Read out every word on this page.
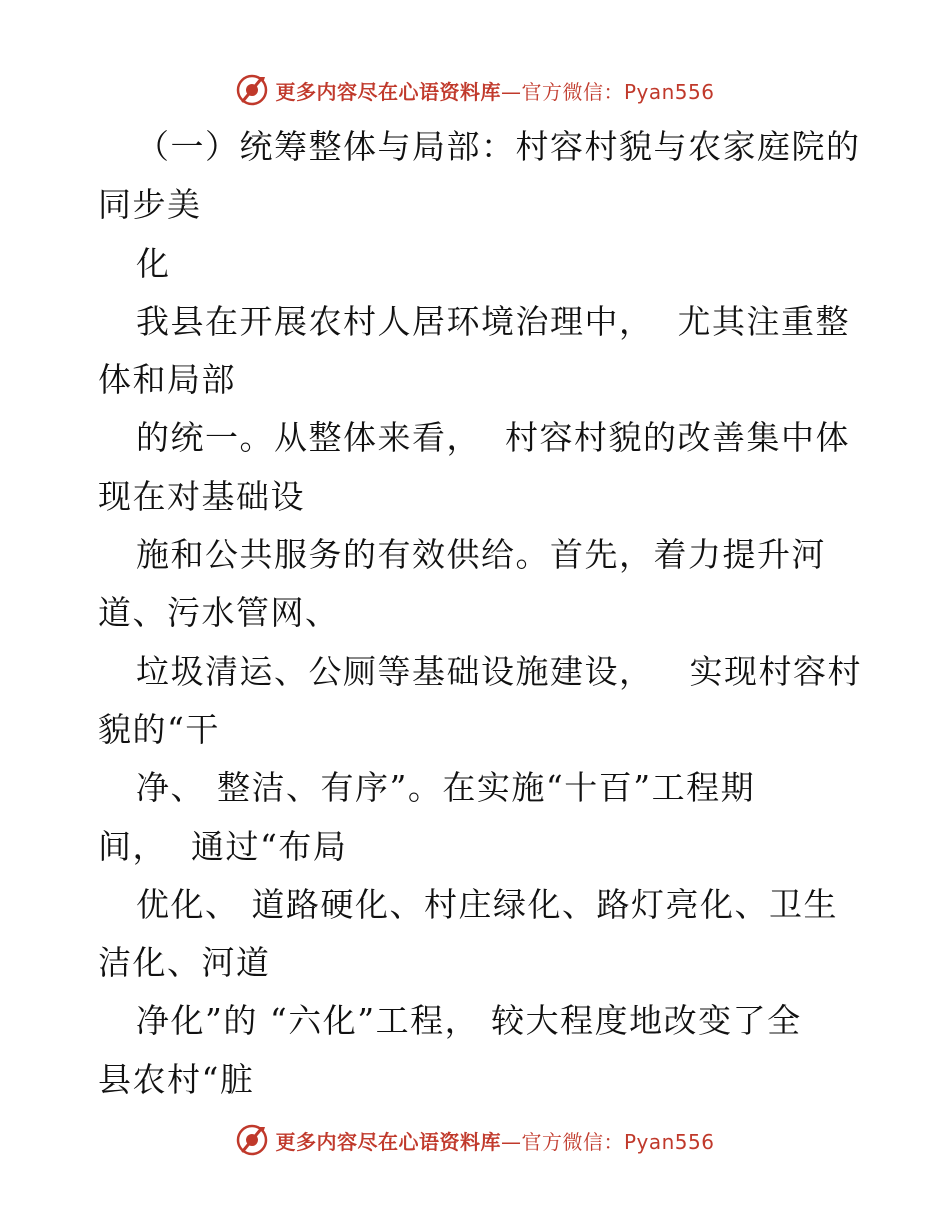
更多内容尽在心语资料库—官方微信：Pyan556
（一）统筹整体与局部：村容村貌与农家庭院的
同步美
化
我县在开展农村人居环境治理中，  尤其注重整
体和局部
的统一。从整体来看，  村容村貌的改善集中体
现在对基础设
施和公共服务的有效供给。首先，着力提升河
道、污水管网、
垃圾清运、公厕等基础设施建设，   实现村容村
貌的“干
净、 整洁、有序”。在实施“十百”工程期
间，  通过“布局
优化、 道路硬化、村庄绿化、路灯亮化、卫生
洁化、河道
净化”的 “六化”工程， 较大程度地改变了全
县农村“脏
更多内容尽在心语资料库—官方微信：Pyan556
